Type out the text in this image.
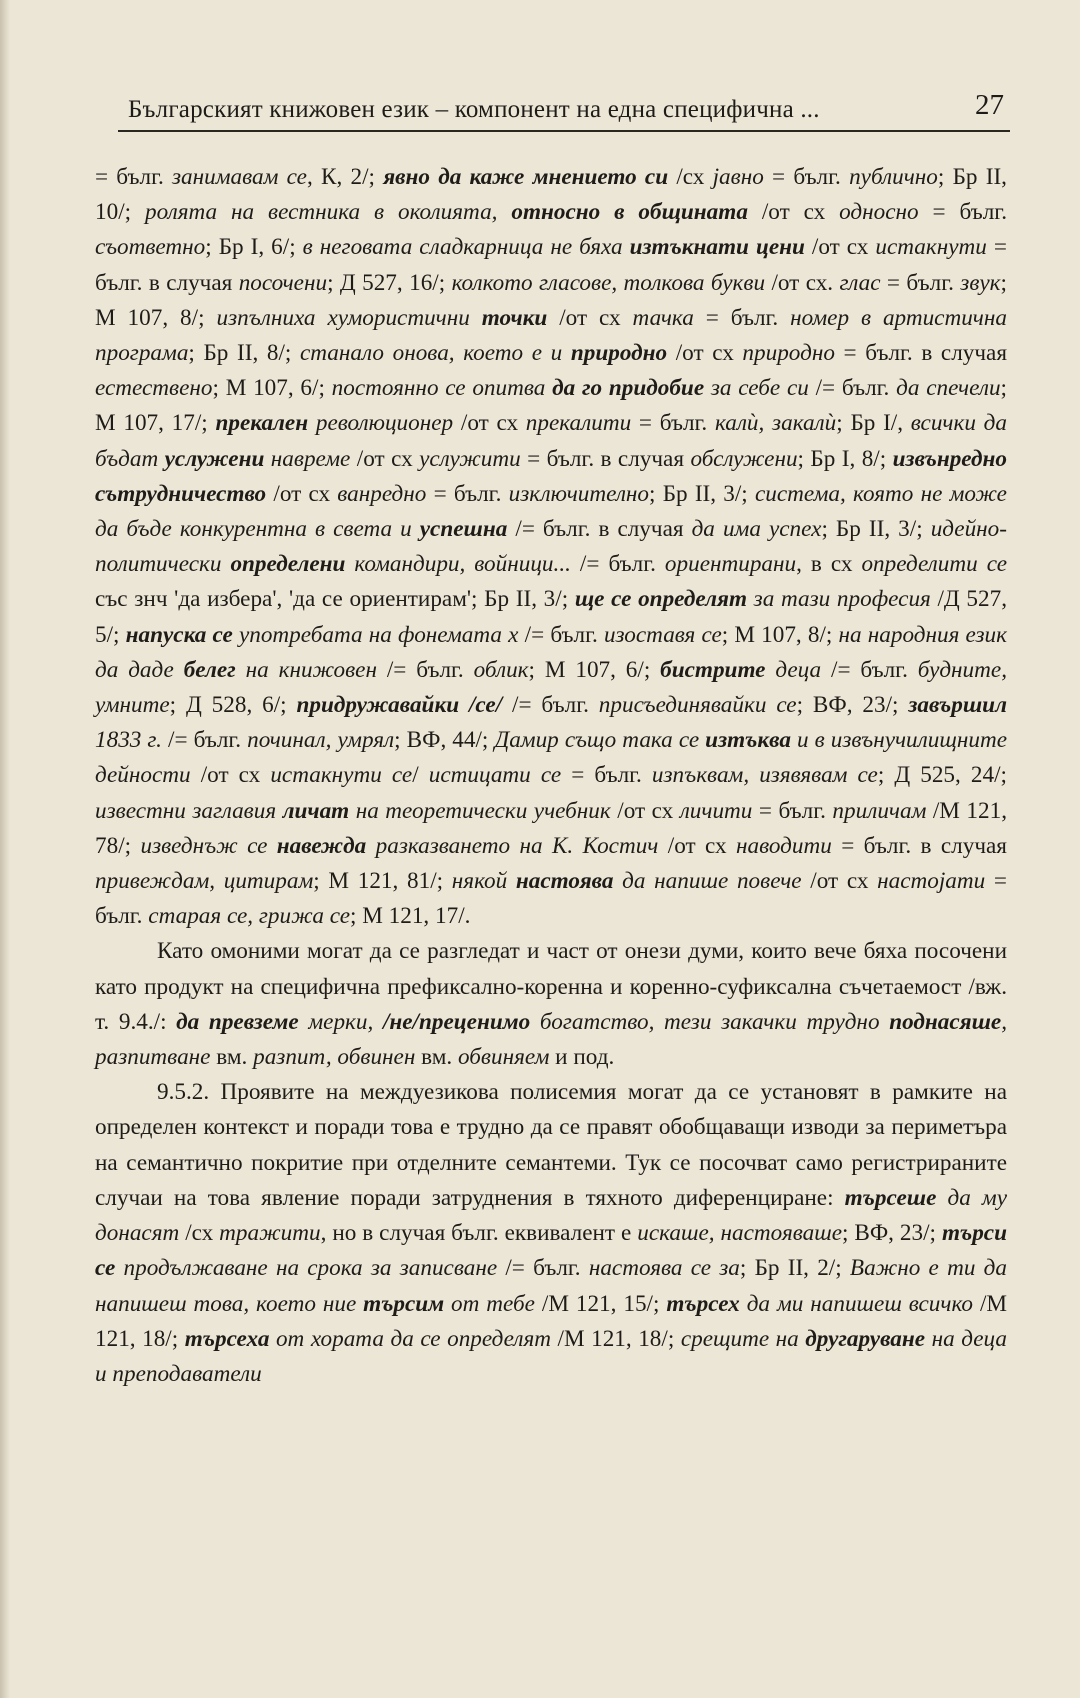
Българският книжовен език – компонент на една специфична ...	27

= бълг. занимавам се, К, 2/; явно да каже мнението си /сх jавно = бълг. публично; Бр II, 10/; ролята на вестника в околията, относно в общината /от сх односно = бълг. съответно; Бр I, 6/; в неговата сладкарница не бяха изтъкнати цени /от сх истакнути = бълг. в случая посочени; Д 527, 16/; колкото гласове, толкова букви /от сх. глас = бълг. звук; М 107, 8/; изпълниха хумористични точки /от сх тачка = бълг. номер в артистична програма; Бр II, 8/; станало онова, което е и природно /от сх природно = бълг. в случая естествено; М 107, 6/; постоянно се опитва да го придобие за себе си /= бълг. да спечели; М 107, 17/; прекален революционер /от сх прекалити = бълг. калѝ, закалѝ; Бр I/, всички да бъдат услужени навреме /от сх услужити = бълг. в случая обслужени; Бр I, 8/; извънредно сътрудничество /от сх ванредно = бълг. изключително; Бр II, 3/; система, която не може да бъде конкурентна в света и успешна /= бълг. в случая да има успех; Бр II, 3/; идейно-политически определени командири, войници... /= бълг. ориентирани, в сх определити се със знч 'да избера', 'да се ориентирам'; Бр II, 3/; ще се определят за тази професия /Д 527, 5/; напуска се употребата на фонемата х /= бълг. изоставя се; М 107, 8/; на народния език да даде белег на книжовен /= бълг. облик; М 107, 6/; бистрите деца /= бълг. будните, умните; Д 528, 6/; придружавайки /се/ /= бълг. присъединявайки се; ВФ, 23/; завършил 1833 г. /= бълг. починал, умрял; ВФ, 44/; Дамир също така се изтъква и в извънучилищните дейности /от сх истакнути се/ истицати се = бълг. изпъквам, изявявам се; Д 525, 24/; известни заглавия личат на теоретически учебник /от сх личити = бълг. приличам /М 121, 78/; изведнъж се навежда разказването на К. Костич /от сх наводити = бълг. в случая привеждам, цитирам; М 121, 81/; някой настоява да напише повече /от сх настоjати = бълг. старая се, грижа се; М 121, 17/.

Като омоними могат да се разгледат и част от онези думи, които вече бяха посочени като продукт на специфична префиксално-коренна и коренно-суфиксална съчетаемост /вж. т. 9.4./: да превземе мерки, /не/преценимо богатство, тези закачки трудно поднасяше, разпитване вм. разпит, обвинен вм. обвиняем и под.

9.5.2. Проявите на междуезикова полисемия могат да се установят в рамките на определен контекст и поради това е трудно да се правят обобщаващи изводи за периметъра на семантично покритие при отделните семантеми. Тук се посочват само регистрираните случаи на това явление поради затруднения в тяхното диференциране: търсеше да му донасят /сх тражити, но в случая бълг. еквивалент е искаше, настояваше; ВФ, 23/; търси се продължаване на срока за записване /= бълг. настоява се за; Бр II, 2/; Важно е ти да напишеш това, което ние търсим от тебе /М 121, 15/; търсех да ми напишеш всичко /М 121, 18/; търсеха от хората да се определят /М 121, 18/; срещите на другаруване на деца и преподаватели
